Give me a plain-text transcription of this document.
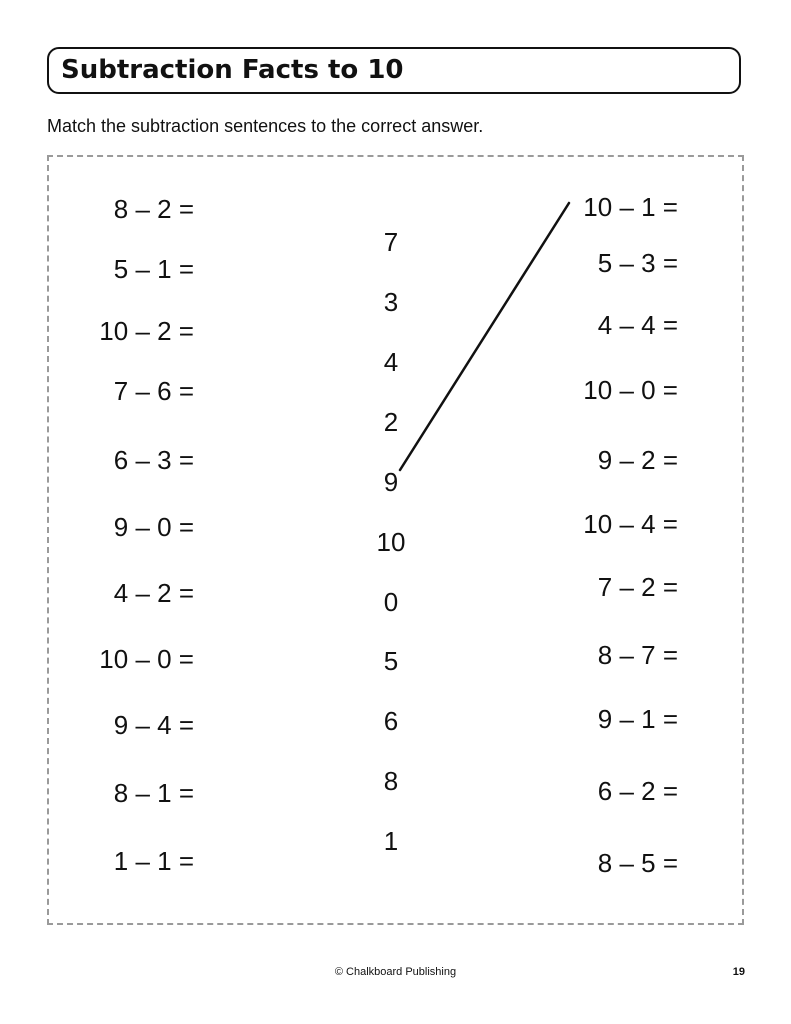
Subtraction Facts to 10
Match the subtraction sentences to the correct answer.
8 – 2 =
5 – 1 =
10 – 2 =
7 – 6 =
6 – 3 =
9 – 0 =
4 – 2 =
10 – 0 =
9 – 4 =
8 – 1 =
1 – 1 =
7
3
4
2
9
10
0
5
6
8
1
10 – 1 =
5 – 3 =
4 – 4 =
10 – 0 =
9 – 2 =
10 – 4 =
7 – 2 =
8 – 7 =
9 – 1 =
6 – 2 =
8 – 5 =
© Chalkboard Publishing	19
